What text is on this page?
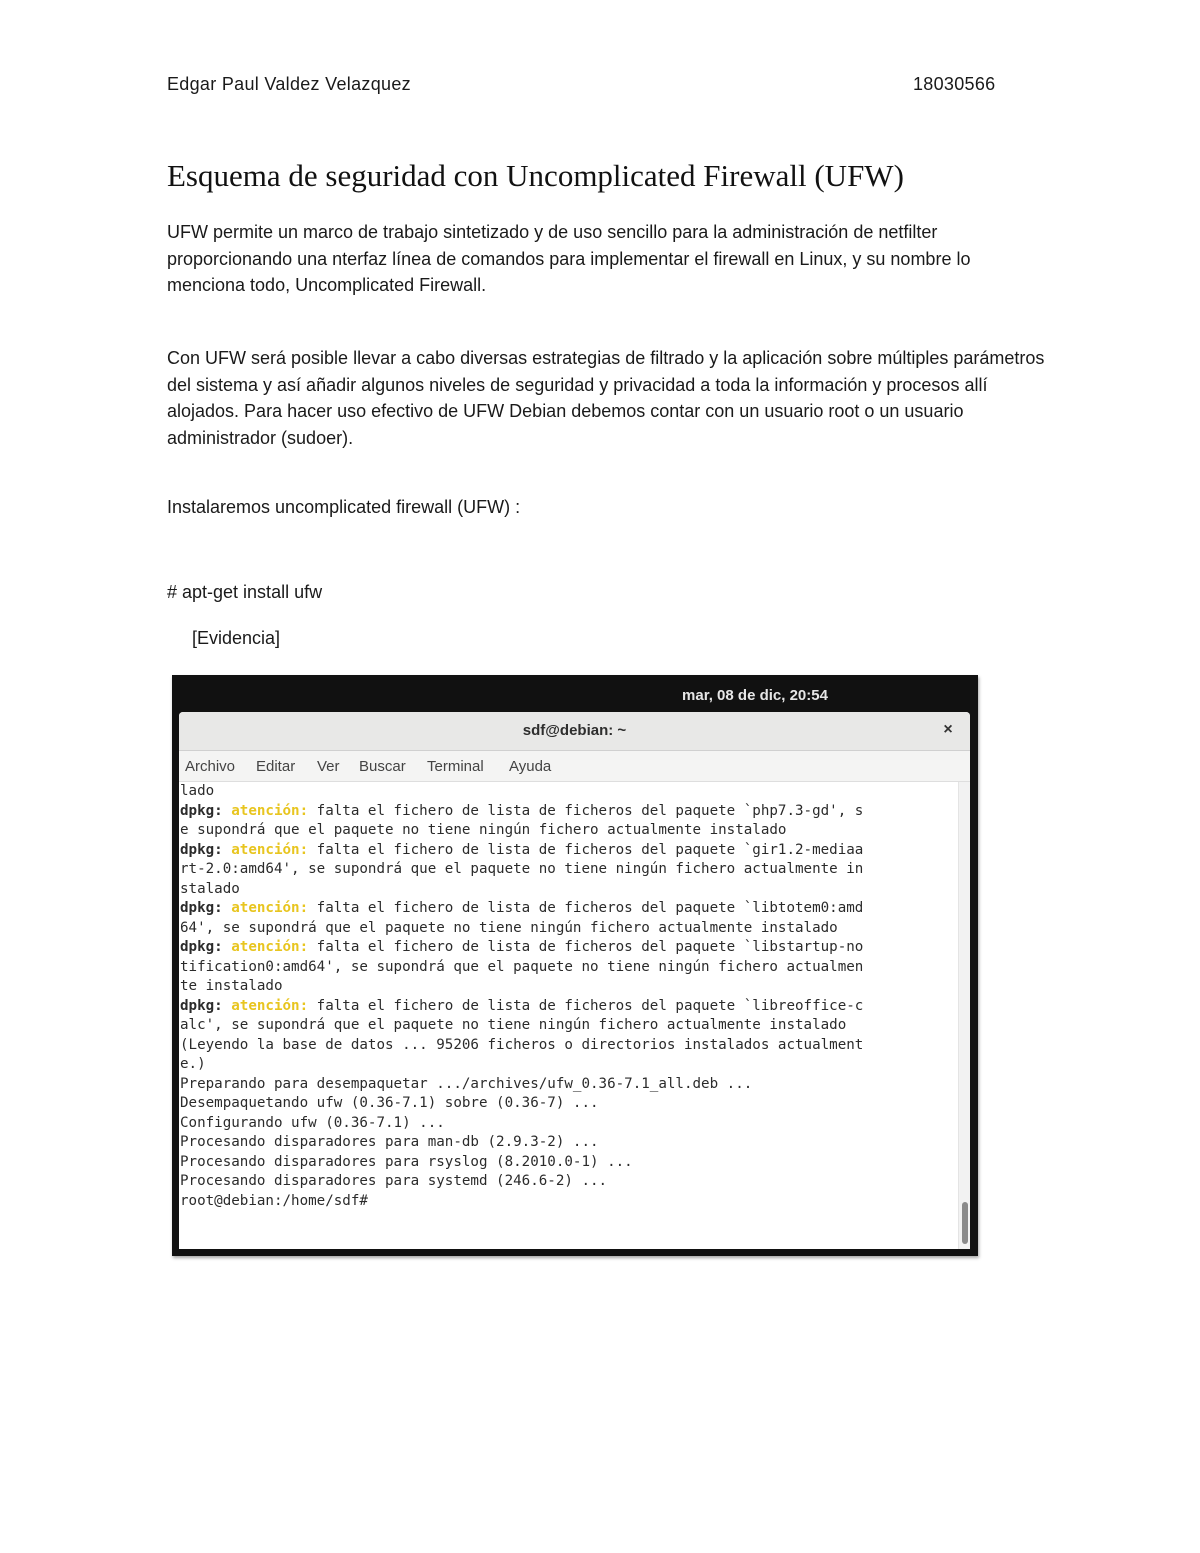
Edgar Paul Valdez Velazquez	18030566
Esquema de seguridad con Uncomplicated Firewall (UFW)

UFW permite un marco de trabajo sintetizado y de uso sencillo para la administración de netfilter proporcionando una nterfaz línea de comandos para implementar el firewall en Linux, y su nombre lo menciona todo, Uncomplicated Firewall.

Con UFW será posible llevar a cabo diversas estrategias de filtrado y la aplicación sobre múltiples parámetros del sistema y así añadir algunos niveles de seguridad y privacidad a toda la información y procesos allí alojados. Para hacer uso efectivo de UFW Debian debemos contar con un usuario root o un usuario administrador (sudoer).

Instalaremos uncomplicated firewall (UFW) :

# apt-get install ufw
[Evidencia]
mar, 08 de dic, 20:54
sdf@debian: ~	×
Archivo Editar Ver Buscar Terminal Ayuda
lado
dpkg: atención: falta el fichero de lista de ficheros del paquete `php7.3-gd', s
e supondrá que el paquete no tiene ningún fichero actualmente instalado
dpkg: atención: falta el fichero de lista de ficheros del paquete `gir1.2-mediaa
rt-2.0:amd64', se supondrá que el paquete no tiene ningún fichero actualmente in
stalado
dpkg: atención: falta el fichero de lista de ficheros del paquete `libtotem0:amd
64', se supondrá que el paquete no tiene ningún fichero actualmente instalado
dpkg: atención: falta el fichero de lista de ficheros del paquete `libstartup-no
tification0:amd64', se supondrá que el paquete no tiene ningún fichero actualmen
te instalado
dpkg: atención: falta el fichero de lista de ficheros del paquete `libreoffice-c
alc', se supondrá que el paquete no tiene ningún fichero actualmente instalado
(Leyendo la base de datos ... 95206 ficheros o directorios instalados actualment
e.)
Preparando para desempaquetar .../archives/ufw_0.36-7.1_all.deb ...
Desempaquetando ufw (0.36-7.1) sobre (0.36-7) ...
Configurando ufw (0.36-7.1) ...
Procesando disparadores para man-db (2.9.3-2) ...
Procesando disparadores para rsyslog (8.2010.0-1) ...
Procesando disparadores para systemd (246.6-2) ...
root@debian:/home/sdf#
